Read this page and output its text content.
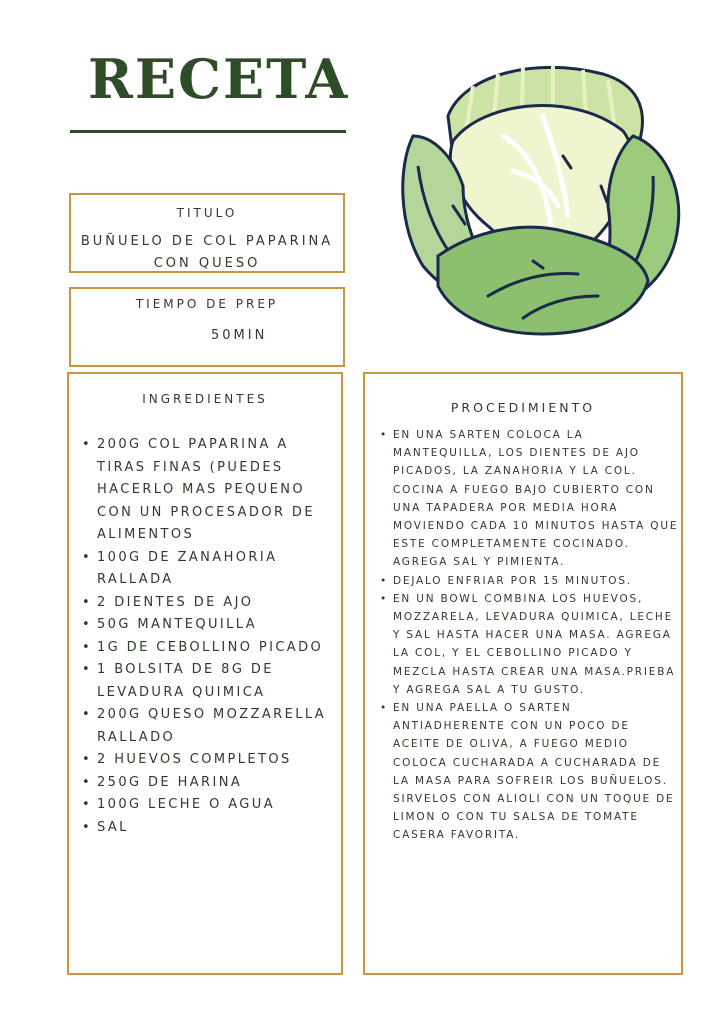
RECETA
TITULO
BUÑUELO DE COL PAPARINA CON QUESO
TIEMPO DE PREP
50MIN
INGREDIENTES
• 200G COL PAPARINA A TIRAS FINAS (PUEDES HACERLO MAS PEQUENO CON UN PROCESADOR DE ALIMENTOS
• 100G DE ZANAHORIA RALLADA
• 2 DIENTES DE AJO
• 50G MANTEQUILLA
• 1G DE CEBOLLINO PICADO
• 1 BOLSITA DE 8G DE LEVADURA QUIMICA
• 200G QUESO MOZZARELLA RALLADO
• 2 HUEVOS COMPLETOS
• 250G DE HARINA
• 100G LECHE O AGUA
• SAL
PROCEDIMIENTO
• EN UNA SARTEN COLOCA LA MANTEQUILLA, LOS DIENTES DE AJO PICADOS, LA ZANAHORIA Y LA COL. COCINA A FUEGO BAJO CUBIERTO CON UNA TAPADERA POR MEDIA HORA MOVIENDO CADA 10 MINUTOS HASTA QUE ESTE COMPLETAMENTE COCINADO. AGREGA SAL Y PIMIENTA.
• DEJALO ENFRIAR POR 15 MINUTOS.
• EN UN BOWL COMBINA LOS HUEVOS, MOZZARELA, LEVADURA QUIMICA, LECHE Y SAL HASTA HACER UNA MASA. AGREGA LA COL, Y EL CEBOLLINO PICADO Y MEZCLA HASTA CREAR UNA MASA.PRIEBA Y AGREGA SAL A TU GUSTO.
• EN UNA PAELLA O SARTEN ANTIADHERENTE CON UN POCO DE ACEITE DE OLIVA, A FUEGO MEDIO COLOCA CUCHARADA A CUCHARADA DE LA MASA PARA SOFREIR LOS BUÑUELOS. SIRVELOS CON ALIOLI CON UN TOQUE DE LIMON O CON TU SALSA DE TOMATE CASERA FAVORITA.
